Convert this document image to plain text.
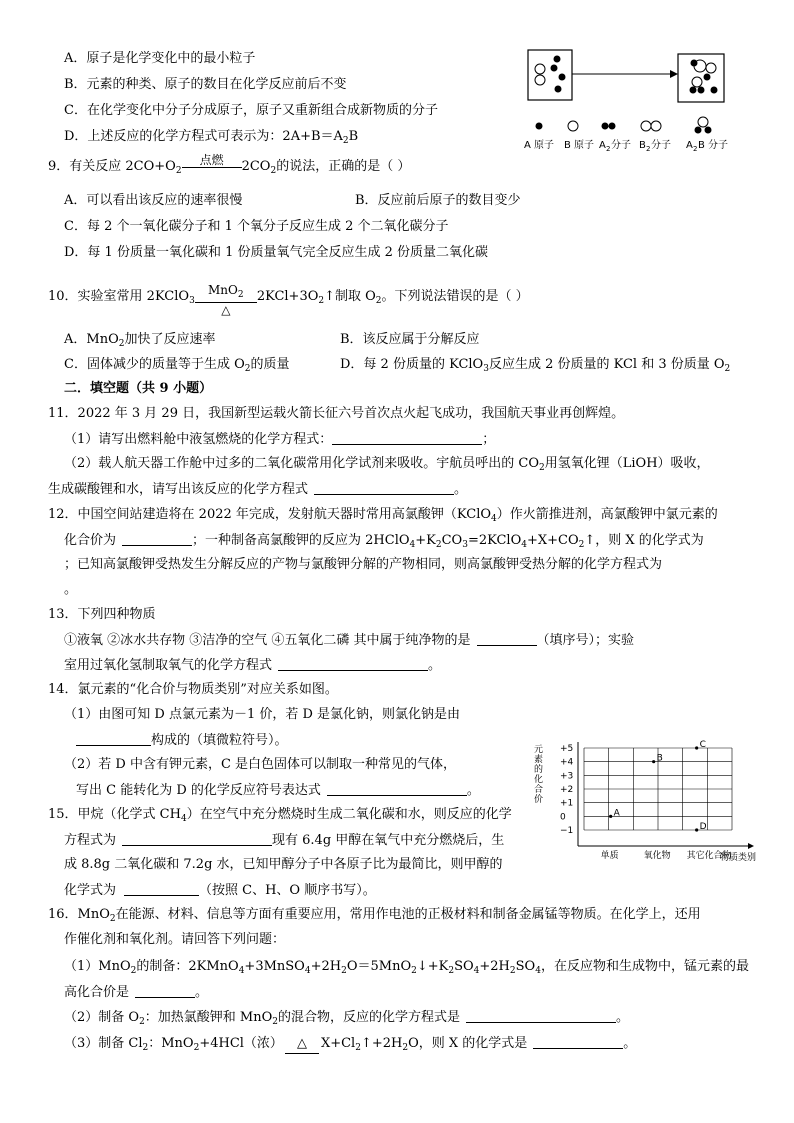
A．原子是化学变化中的最小粒子
B．元素的种类、原子的数目在化学反应前后不变
C．在化学变化中分子分成原子，原子又重新组合成新物质的分子
D．上述反应的化学方程式可表示为：$2A+B=A_2B$
A 原子 B 原子 A 2 分子 B 2 分子 A 2 B 分子
9．有关反应 $2CO+O_2$
点燃	$2CO_2$的说法，正确的是（ ）
A．可以看出该反应的速率很慢	B．反应前后原子的数目变少
C．每 2 个一氧化碳分子和 1 个氧分子反应生成 2 个二氧化碳分子
D．每 1 份质量一氧化碳和 1 份质量氧气完全反应生成 2 份质量二氧化碳
10．实验室常用 2KClO$_3$
MnO$_2$
△
$2KCl+3O_2↑$制取 $O_2$。下列说法错误的是（ ）
A．MnO$_2$加快了反应速率	B．该反应属于分解反应
C．固体减少的质量等于生成 $O_2$的质量	D．每 2 份质量的 KClO$_3$反应生成 2 份质量的 KCl 和 3 份质量 $O_2$
二．填空题（共 9 小题）
11．2022 年 3 月 29 日，我国新型运载火箭长征六号首次点火起飞成功，我国航天事业再创辉煌。
（1）请写出燃料舱中液氢燃烧的化学方程式：	；
（2）载人航天器工作舱中过多的二氧化碳常用化学试剂来吸收。宇航员呼出的 $CO_2$用氢氧化锂（LiOH）吸收，
生成碳酸锂和水，请写出该反应的化学方程式	。
12．中国空间站建造将在 2022 年完成，发射航天器时常用高氯酸钾（KClO$_4$）作火箭推进剂，高氯酸钾中氯元素的
化合价为	；一种制备高氯酸钾的反应为 $2HClO_4+K_2CO_3=2KClO_4+X+CO_2↑$，则 X 的化学式为
；已知高氯酸钾受热发生分解反应的产物与氯酸钾分解的产物相同，则高氯酸钾受热分解的化学方程式为
。
13．下列四种物质
①液氧 ②冰水共存物 ③洁净的空气 ④五氧化二磷 其中属于纯净物的是	（填序号）；实验
室用过氧化氢制取氧气的化学方程式	。
14．氯元素的“化合价与物质类别”对应关系如图。
（1）由图可知 D 点氯元素为－1 价，若 D 是氯化钠，则氯化钠是由
构成的（填微粒符号）。
（2）若 D 中含有钾元素，C 是白色固体可以制取一种常见的气体，
写出 C 能转化为 D 的化学反应符号表达式	。
元
素
的
化
合
价
+5
+4
+3
+2
+1
0
−1
单质	氧化物 其它化合物
A
B
C
D
物质类别
15．甲烷（化学式 $CH_4$）在空气中充分燃烧时生成二氧化碳和水，则反应的化学
方程式为	现有 6.4g 甲醇在氧气中充分燃烧后，生
成 8.8g 二氧化碳和 7.2g 水，已知甲醇分子中各原子比为最简比，则甲醇的
化学式为	（按照 C、H、O 顺序书写）。
16．MnO$_2$在能源、材料、信息等方面有重要应用，常用作电池的正极材料和制备金属锰等物质。在化学上，还用
作催化剂和氧化剂。请回答下列问题：
（1）MnO$_2$的制备：$2KMnO_4+3MnSO_4+2H_2O=5MnO_2↓+K_2SO_4+2H_2SO_4$，在反应物和生成物中，锰元素的最
高化合价是	。
（2）制备 $O_2$：加热氯酸钾和 MnO$_2$的混合物，反应的化学方程式是	。
（3）制备 $Cl_2$：MnO$_2$+4HCl（浓） △ $X+Cl_2↑+2H_2O$，则 X 的化学式是	。
